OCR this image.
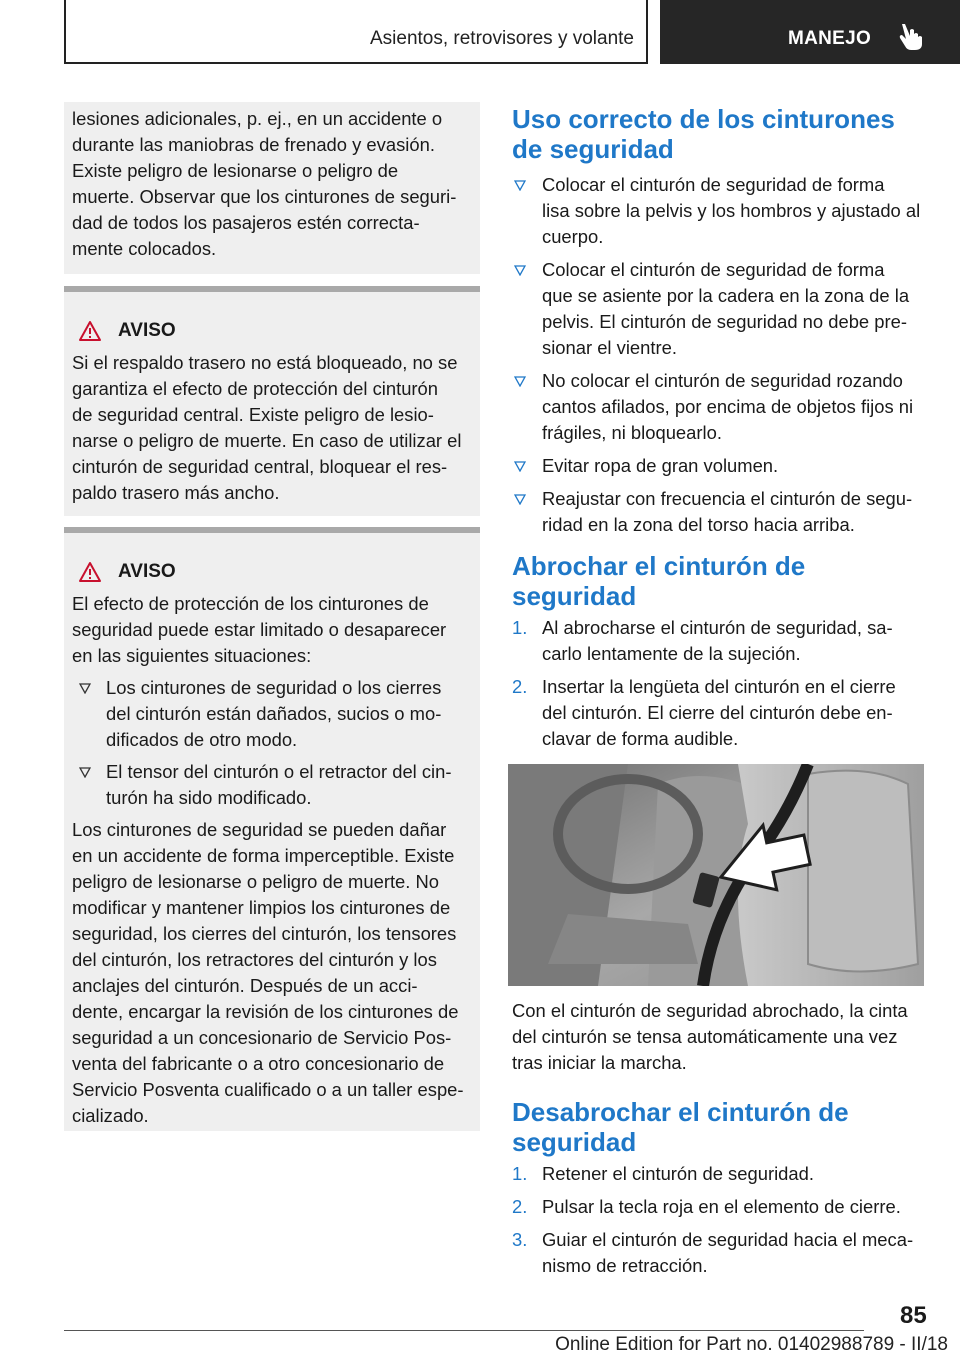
Asientos, retrovisores y volante	MANEJO

lesiones adicionales, p. ej., en un accidente o

durante las maniobras de frenado y evasión.

Existe peligro de lesionarse o peligro de

muerte. Observar que los cinturones de seguri-

dad de todos los pasajeros estén correcta-

mente colocados.

AVISO

Si el respaldo trasero no está bloqueado, no se

garantiza el efecto de protección del cinturón

de seguridad central. Existe peligro de lesio-

narse o peligro de muerte. En caso de utilizar el

cinturón de seguridad central, bloquear el res-

paldo trasero más ancho.

AVISO

El efecto de protección de los cinturones de

seguridad puede estar limitado o desaparecer

en las siguientes situaciones:

Los cinturones de seguridad o los cierres
del cinturón están dañados, sucios o mo-
dificados de otro modo.
El tensor del cinturón o el retractor del cin-
turón ha sido modificado.

Los cinturones de seguridad se pueden dañar

en un accidente de forma imperceptible. Existe

peligro de lesionarse o peligro de muerte. No

modificar y mantener limpios los cinturones de

seguridad, los cierres del cinturón, los tensores

del cinturón, los retractores del cinturón y los

anclajes del cinturón. Después de un acci-

dente, encargar la revisión de los cinturones de

seguridad a un concesionario de Servicio Pos-

venta del fabricante o a otro concesionario de

Servicio Posventa cualificado o a un taller espe-

cializado.

Uso correcto de los cinturones
de seguridad
Colocar el cinturón de seguridad de forma
lisa sobre la pelvis y los hombros y ajustado al
cuerpo.
Colocar el cinturón de seguridad de forma
que se asiente por la cadera en la zona de la
pelvis. El cinturón de seguridad no debe pre-
sionar el vientre.
No colocar el cinturón de seguridad rozando
cantos afilados, por encima de objetos fijos ni
frágiles, ni bloquearlo.
Evitar ropa de gran volumen.
Reajustar con frecuencia el cinturón de segu-
ridad en la zona del torso hacia arriba.
Abrochar el cinturón de
seguridad
1. Al abrocharse el cinturón de seguridad, sa-
carlo lentamente de la sujeción.
2. Insertar la lengüeta del cinturón en el cierre
del cinturón. El cierre del cinturón debe en-
clavar de forma audible.

Con el cinturón de seguridad abrochado, la cinta

del cinturón se tensa automáticamente una vez

tras iniciar la marcha.

Desabrochar el cinturón de
seguridad
1. Retener el cinturón de seguridad.
2. Pulsar la tecla roja en el elemento de cierre.
3. Guiar el cinturón de seguridad hacia el meca-
nismo de retracción.
85
Online Edition for Part no. 01402988789 - II/18
